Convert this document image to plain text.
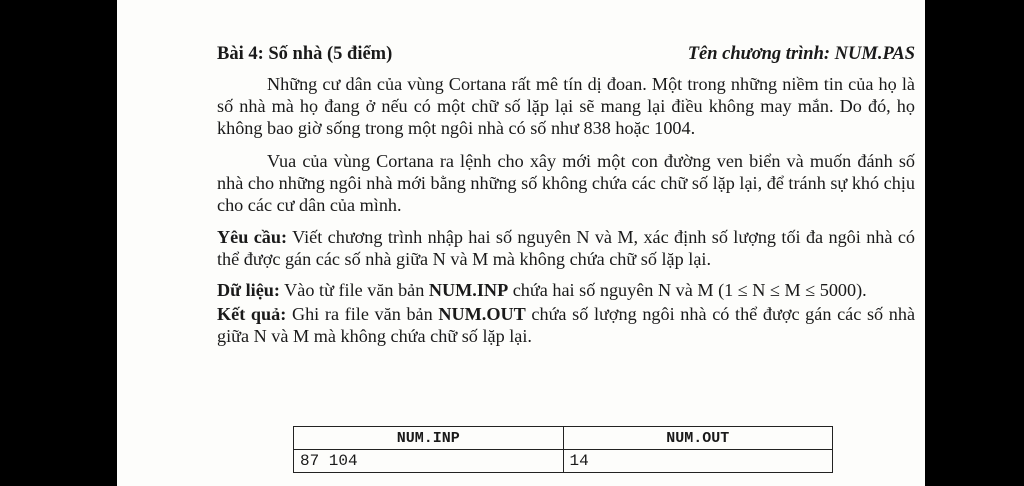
Bài 4: Số nhà (5 điểm)	Tên chương trình: NUM.PAS

Những cư dân của vùng Cortana rất mê tín dị đoan. Một trong những niềm tin của họ là số nhà mà họ đang ở nếu có một chữ số lặp lại sẽ mang lại điều không may mắn. Do đó, họ không bao giờ sống trong một ngôi nhà có số như 838 hoặc 1004.

Vua của vùng Cortana ra lệnh cho xây mới một con đường ven biển và muốn đánh số nhà cho những ngôi nhà mới bằng những số không chứa các chữ số lặp lại, để tránh sự khó chịu cho các cư dân của mình.

Yêu cầu: Viết chương trình nhập hai số nguyên N và M, xác định số lượng tối đa ngôi nhà có thể được gán các số nhà giữa N và M mà không chứa chữ số lặp lại.

Dữ liệu: Vào từ file văn bản NUM.INP chứa hai số nguyên N và M (1 ≤ N ≤ M ≤ 5000).

Kết quả: Ghi ra file văn bản NUM.OUT chứa số lượng ngôi nhà có thể được gán các số nhà giữa N và M mà không chứa chữ số lặp lại.

NUM.INP	NUM.OUT
87 104	14
